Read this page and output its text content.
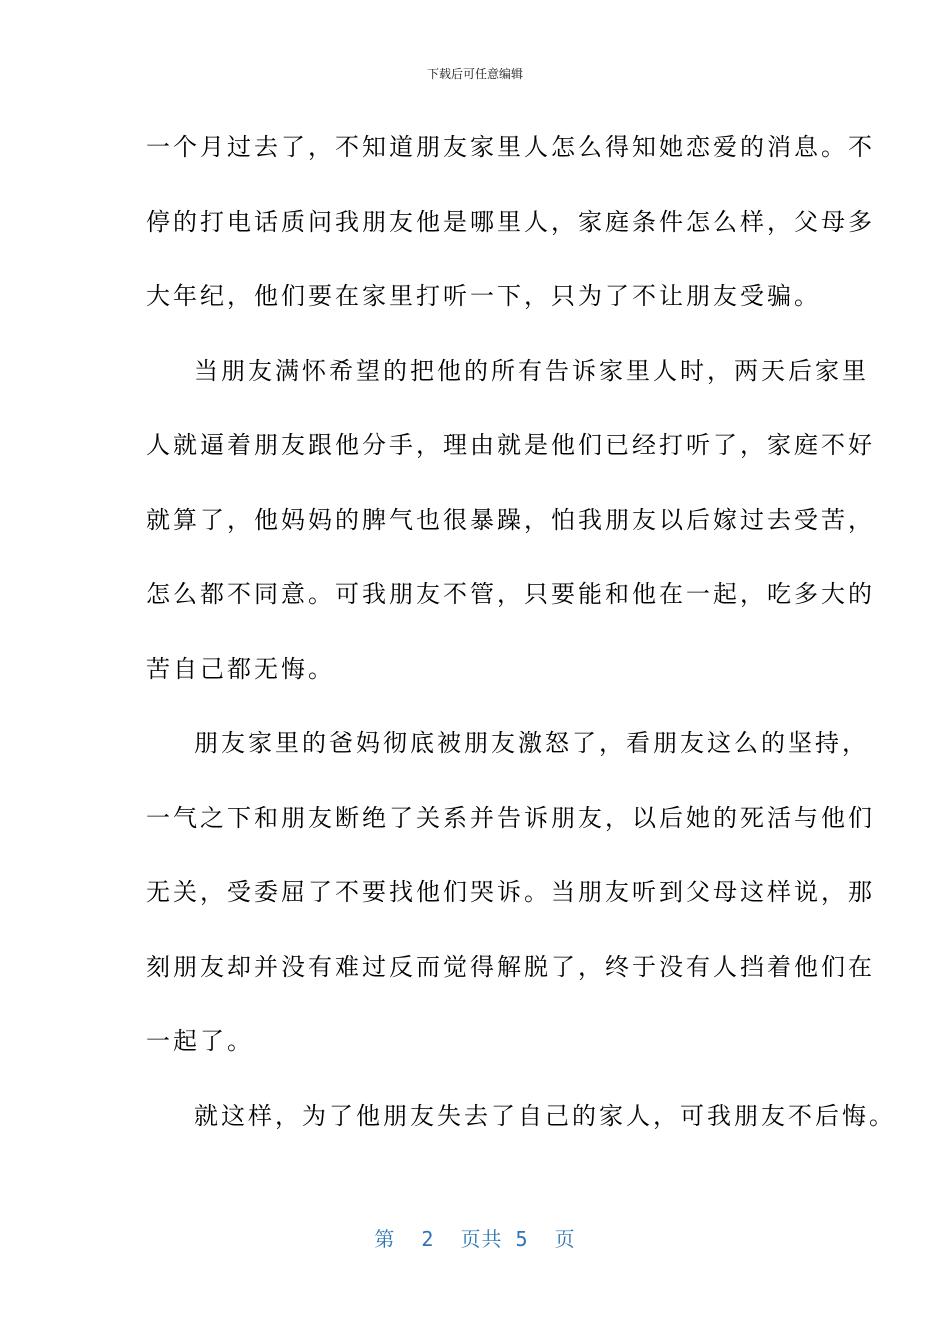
下载后可任意编辑
一个月过去了，不知道朋友家里人怎么得知她恋爱的消息。不
停的打电话质问我朋友他是哪里人，家庭条件怎么样，父母多
大年纪，他们要在家里打听一下，只为了不让朋友受骗。
当朋友满怀希望的把他的所有告诉家里人时，两天后家里
人就逼着朋友跟他分手，理由就是他们已经打听了，家庭不好
就算了，他妈妈的脾气也很暴躁，怕我朋友以后嫁过去受苦，
怎么都不同意。可我朋友不管，只要能和他在一起，吃多大的
苦自己都无悔。
朋友家里的爸妈彻底被朋友激怒了，看朋友这么的坚持，
一气之下和朋友断绝了关系并告诉朋友，以后她的死活与他们
无关，受委屈了不要找他们哭诉。当朋友听到父母这样说，那
刻朋友却并没有难过反而觉得解脱了，终于没有人挡着他们在
一起了。
就这样，为了他朋友失去了自己的家人，可我朋友不后悔。
第  2  页共 5  页
